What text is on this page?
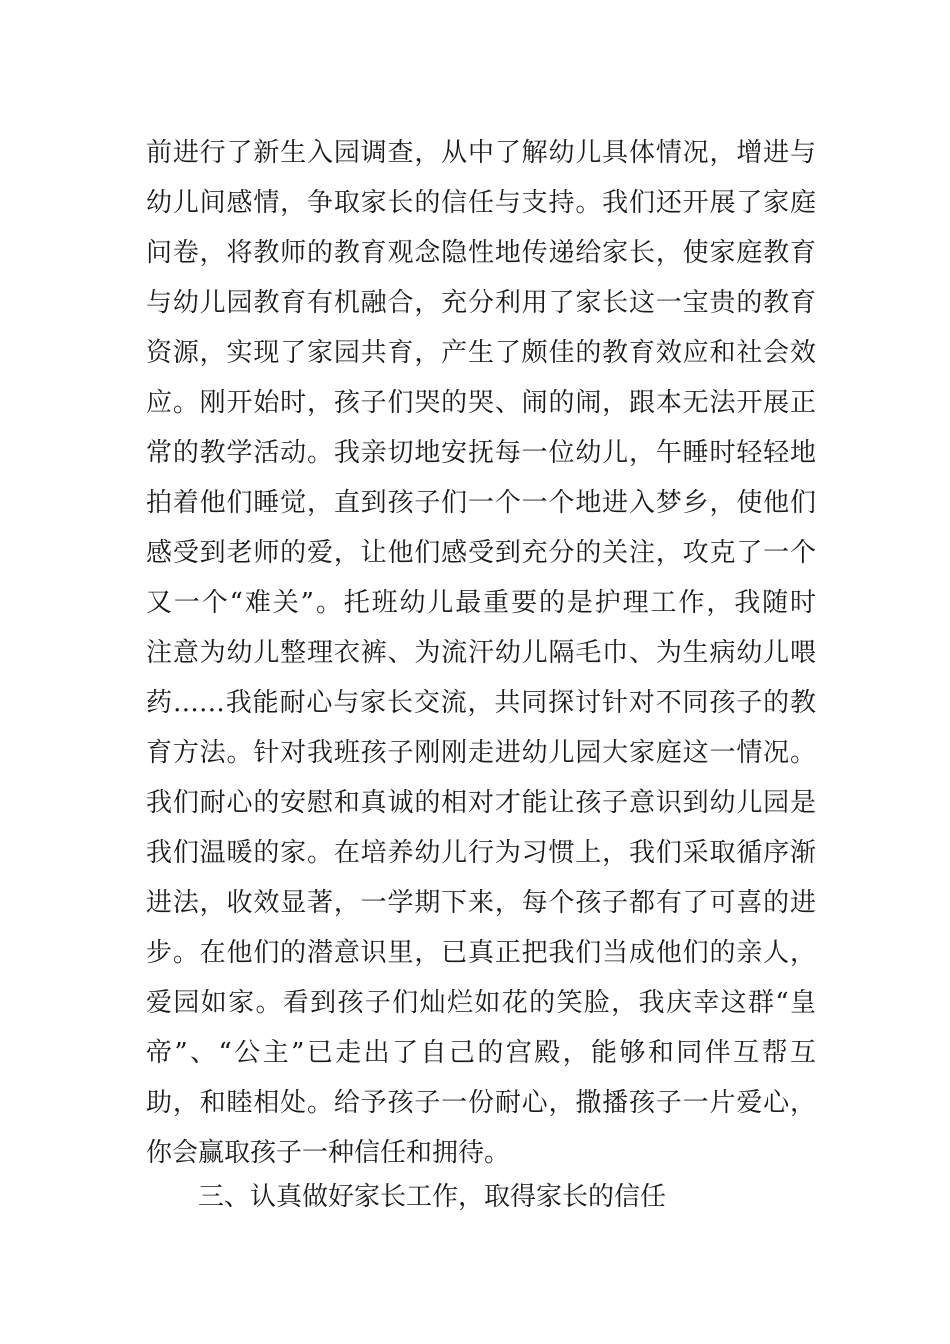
前进行了新生入园调查，从中了解幼儿具体情况，增进与
幼儿间感情，争取家长的信任与支持。我们还开展了家庭
问卷，将教师的教育观念隐性地传递给家长，使家庭教育
与幼儿园教育有机融合，充分利用了家长这一宝贵的教育
资源，实现了家园共育，产生了颇佳的教育效应和社会效
应。刚开始时，孩子们哭的哭、闹的闹，跟本无法开展正
常的教学活动。我亲切地安抚每一位幼儿，午睡时轻轻地
拍着他们睡觉，直到孩子们一个一个地进入梦乡，使他们
感受到老师的爱，让他们感受到充分的关注，攻克了一个
又一个“难关”。托班幼儿最重要的是护理工作，我随时
注意为幼儿整理衣裤、为流汗幼儿隔毛巾、为生病幼儿喂
药……我能耐心与家长交流，共同探讨针对不同孩子的教
育方法。针对我班孩子刚刚走进幼儿园大家庭这一情况。
我们耐心的安慰和真诚的相对才能让孩子意识到幼儿园是
我们温暖的家。在培养幼儿行为习惯上，我们采取循序渐
进法，收效显著，一学期下来，每个孩子都有了可喜的进
步。在他们的潜意识里，已真正把我们当成他们的亲人，
爱园如家。看到孩子们灿烂如花的笑脸，我庆幸这群“皇
帝”、“公主”已走出了自己的宫殿，能够和同伴互帮互
助，和睦相处。给予孩子一份耐心，撒播孩子一片爱心，
你会赢取孩子一种信任和拥待。
三、认真做好家长工作，取得家长的信任
